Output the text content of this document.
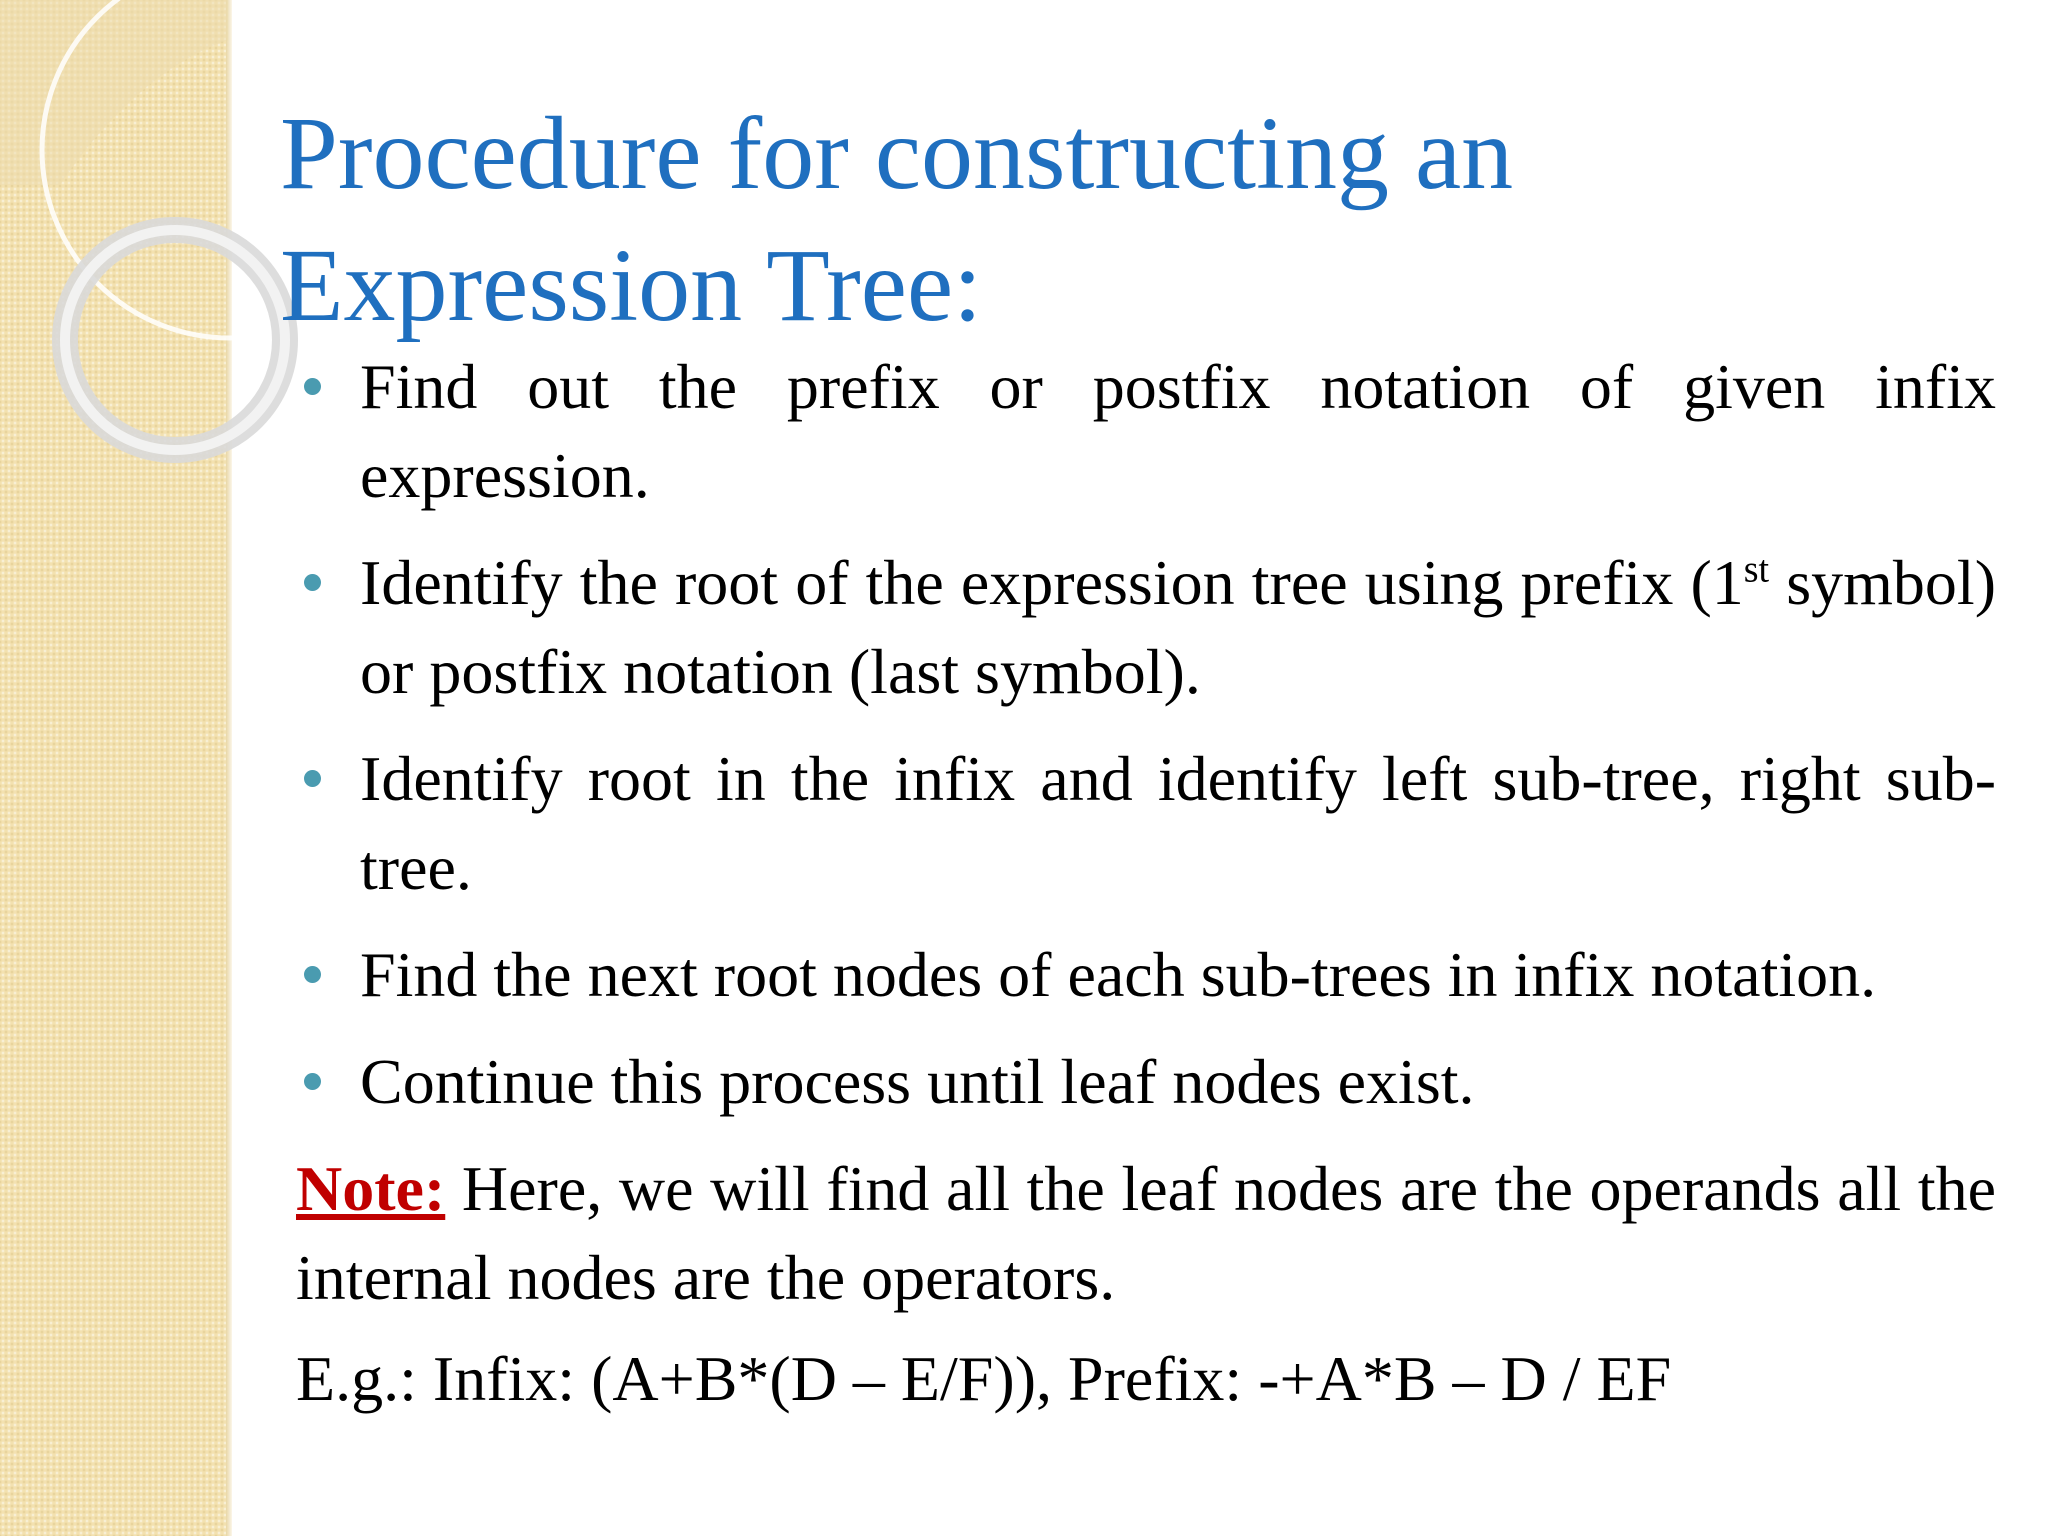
Procedure for constructing an
Expression Tree:
Find out the prefix or postfix notation of given infix expression.
Identify the root of the expression tree using prefix (1st symbol) or postfix notation (last symbol).
Identify root in the infix and identify left sub-tree, right sub-tree.
Find the next root nodes of each sub-trees in infix notation.
Continue this process until leaf nodes exist.

Note: Here, we will find all the leaf nodes are the operands all the internal nodes are the operators.

E.g.: Infix: (A+B*(D – E/F)), Prefix: -+A*B – D / EF
